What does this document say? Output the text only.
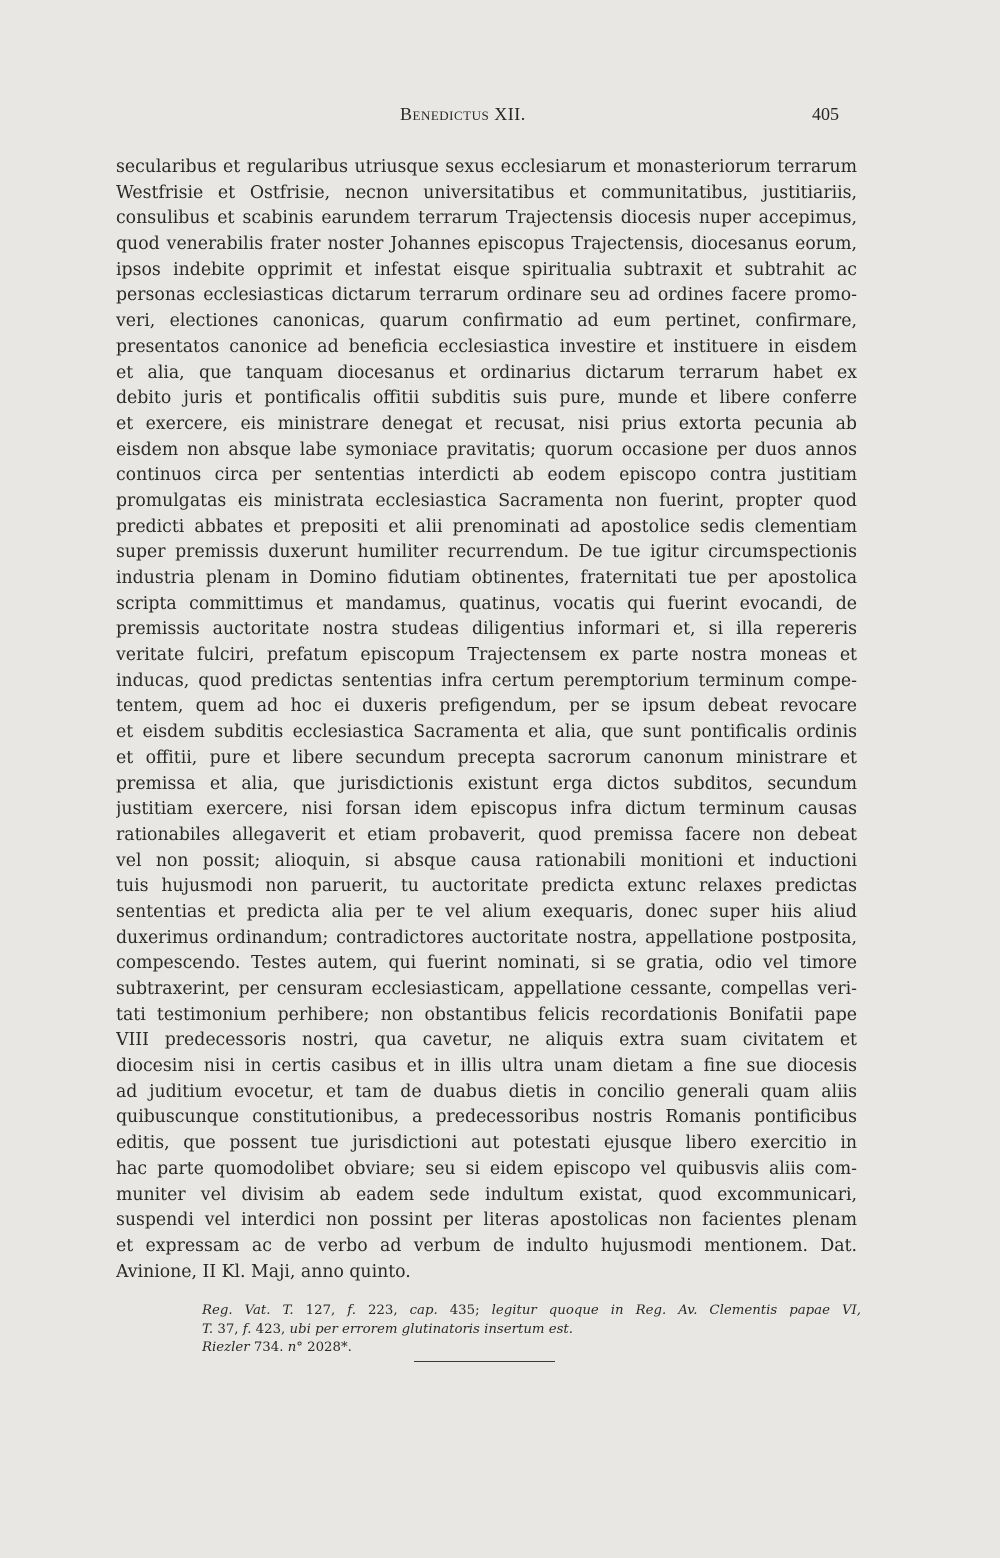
Benedictus XII.	405
secularibus et regularibus utriusque sexus ecclesiarum et monasteriorum terrarum
Westfrisie et Ostfrisie, necnon universitatibus et communitatibus, justitiariis,
consulibus et scabinis earundem terrarum Trajectensis diocesis nuper accepimus,
quod venerabilis frater noster Johannes episcopus Trajectensis, diocesanus eorum,
ipsos indebite opprimit et infestat eisque spiritualia subtraxit et subtrahit ac
personas ecclesiasticas dictarum terrarum ordinare seu ad ordines facere promo-
veri, electiones canonicas, quarum confirmatio ad eum pertinet, confirmare,
presentatos canonice ad beneficia ecclesiastica investire et instituere in eisdem
et alia, que tanquam diocesanus et ordinarius dictarum terrarum habet ex
debito juris et pontificalis offitii subditis suis pure, munde et libere conferre
et exercere, eis ministrare denegat et recusat, nisi prius extorta pecunia ab
eisdem non absque labe symoniace pravitatis; quorum occasione per duos annos
continuos circa per sententias interdicti ab eodem episcopo contra justitiam
promulgatas eis ministrata ecclesiastica Sacramenta non fuerint, propter quod
predicti abbates et prepositi et alii prenominati ad apostolice sedis clementiam
super premissis duxerunt humiliter recurrendum. De tue igitur circumspectionis
industria plenam in Domino fidutiam obtinentes, fraternitati tue per apostolica
scripta committimus et mandamus, quatinus, vocatis qui fuerint evocandi, de
premissis auctoritate nostra studeas diligentius informari et, si illa repereris
veritate fulciri, prefatum episcopum Trajectensem ex parte nostra moneas et
inducas, quod predictas sententias infra certum peremptorium terminum compe-
tentem, quem ad hoc ei duxeris prefigendum, per se ipsum debeat revocare
et eisdem subditis ecclesiastica Sacramenta et alia, que sunt pontificalis ordinis
et offitii, pure et libere secundum precepta sacrorum canonum ministrare et
premissa et alia, que jurisdictionis existunt erga dictos subditos, secundum
justitiam exercere, nisi forsan idem episcopus infra dictum terminum causas
rationabiles allegaverit et etiam probaverit, quod premissa facere non debeat
vel non possit; alioquin, si absque causa rationabili monitioni et inductioni
tuis hujusmodi non paruerit, tu auctoritate predicta extunc relaxes predictas
sententias et predicta alia per te vel alium exequaris, donec super hiis aliud
duxerimus ordinandum; contradictores auctoritate nostra, appellatione postposita,
compescendo. Testes autem, qui fuerint nominati, si se gratia, odio vel timore
subtraxerint, per censuram ecclesiasticam, appellatione cessante, compellas veri-
tati testimonium perhibere; non obstantibus felicis recordationis Bonifatii pape
VIII predecessoris nostri, qua cavetur, ne aliquis extra suam civitatem et
diocesim nisi in certis casibus et in illis ultra unam dietam a fine sue diocesis
ad juditium evocetur, et tam de duabus dietis in concilio generali quam aliis
quibuscunque constitutionibus, a predecessoribus nostris Romanis pontificibus
editis, que possent tue jurisdictioni aut potestati ejusque libero exercitio in
hac parte quomodolibet obviare; seu si eidem episcopo vel quibusvis aliis com-
muniter vel divisim ab eadem sede indultum existat, quod excommunicari,
suspendi vel interdici non possint per literas apostolicas non facientes plenam
et expressam ac de verbo ad verbum de indulto hujusmodi mentionem. Dat.
Avinione, II Kl. Maji, anno quinto.
Reg. Vat. T. 127, f. 223, cap. 435; legitur quoque in Reg. Av. Clementis papae VI,
T. 37, f. 423, ubi per errorem glutinatoris insertum est.
Riezler 734. n° 2028*.
